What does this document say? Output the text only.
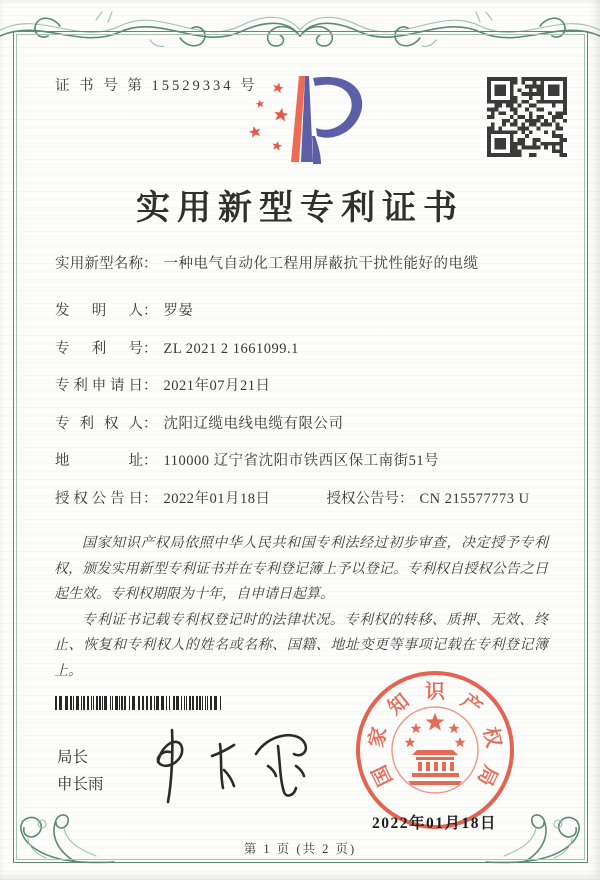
证 书 号 第 15529334 号
实用新型专利证书
实用新型名称： 一种电气自动化工程用屏蔽抗干扰性能好的电缆
发明人： 罗晏
专利号： ZL 2021 2 1661099.1
专利申请日： 2021年07月21日
专利权人： 沈阳辽缆电线电缆有限公司
地址： 110000 辽宁省沈阳市铁西区保工南街51号
授权公告日： 2022年01月18日	授权公告号： CN 215577773 U

国家知识产权局依照中华人民共和国专利法经过初步审查，决定授予专利权，颁发实用新型专利证书并在专利登记簿上予以登记。专利权自授权公告之日起生效。专利权期限为十年，自申请日起算。

专利证书记载专利权登记时的法律状况。专利权的转移、质押、无效、终止、恢复和专利权人的姓名或名称、国籍、地址变更等事项记载在专利登记簿上。

局长
申长雨	国
家
知 识 产
权
局
2022年01月18日
第 1 页 (共 2 页)
